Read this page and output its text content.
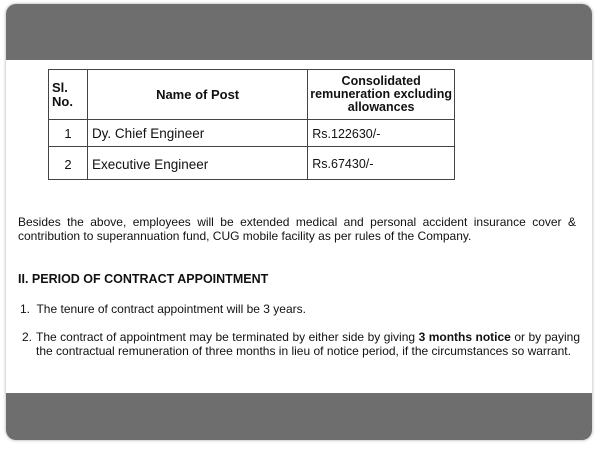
Sl. No.	Name of Post	Consolidated remuneration excluding allowances
1	Dy. Chief Engineer	Rs.122630/-
2	Executive Engineer	Rs.67430/-

Besides the above, employees will be extended medical and personal accident insurance cover & contribution to superannuation fund, CUG mobile facility as per rules of the Company.

II. PERIOD OF CONTRACT APPOINTMENT
1. The tenure of contract appointment will be 3 years.
2. The contract of appointment may be terminated by either side by giving 3 months notice or by paying the contractual remuneration of three months in lieu of notice period, if the circumstances so warrant.
